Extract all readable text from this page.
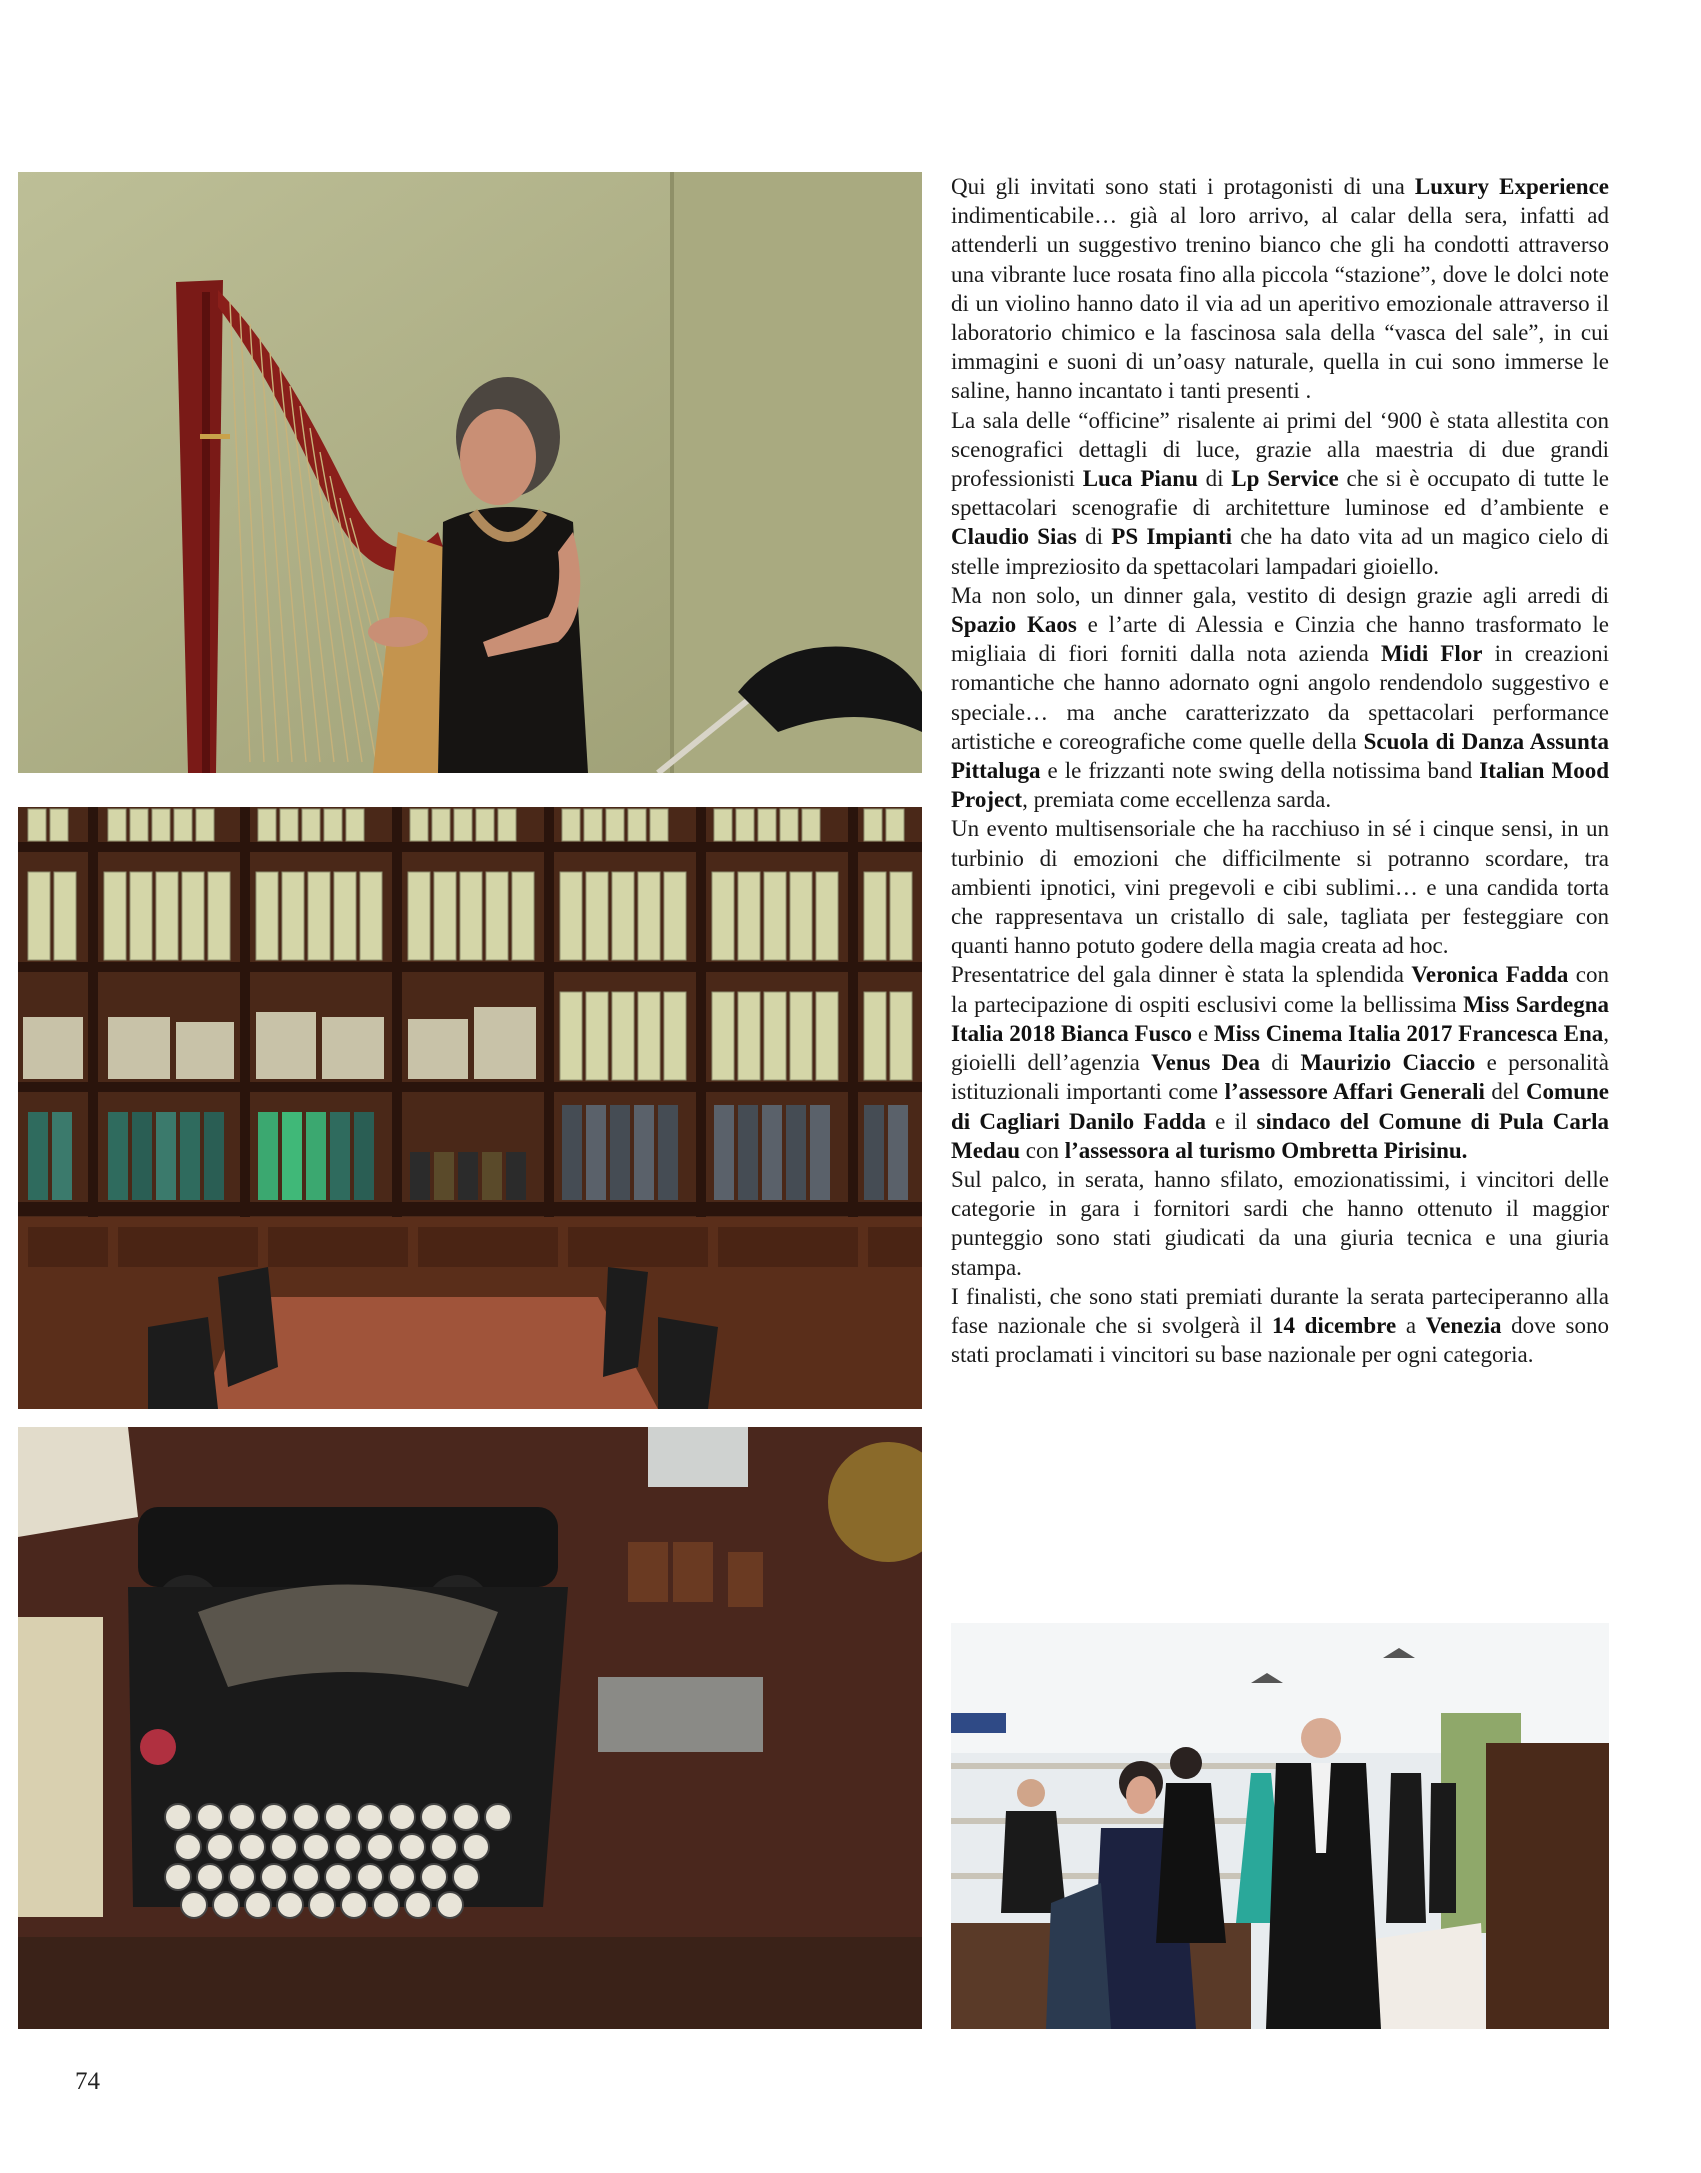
Qui gli invitati sono stati i protagonisti di una Luxury Experience indimenticabile… già al loro arrivo, al calar della sera, infatti ad attenderli un suggestivo trenino bianco che gli ha condotti attraverso una vibrante luce rosata fino alla piccola “stazione”, dove le dolci note di un violino hanno dato il via ad un aperitivo emozionale attraverso il laboratorio chimico e la fascinosa sala della “vasca del sale”, in cui immagini e suoni di un’oasy naturale, quella in cui sono immerse le saline, hanno incantato i tanti presenti .

La sala delle “officine” risalente ai primi del ‘900 è stata allestita con scenografici dettagli di luce, grazie alla maestria di due grandi professionisti Luca Pianu di Lp Service che si è occupato di tutte le spettacolari scenografie di architetture luminose ed d’ambiente e Claudio Sias di PS Impianti che ha dato vita ad un magico cielo di stelle impreziosito da spettacolari lampadari gioiello.

Ma non solo, un dinner gala, vestito di design grazie agli arredi di Spazio Kaos e l’arte di Alessia e Cinzia che hanno trasformato le migliaia di fiori forniti dalla nota azienda Midi Flor in creazioni romantiche che hanno adornato ogni angolo rendendolo suggestivo e speciale… ma anche caratterizzato da spettacolari performance artistiche e coreografiche come quelle della Scuola di Danza Assunta Pittaluga e le frizzanti note swing della notissima band Italian Mood Project, premiata come eccellenza sarda.

Un evento multisensoriale che ha racchiuso in sé i cinque sensi, in un turbinio di emozioni che difficilmente si potranno scordare, tra ambienti ipnotici, vini pregevoli e cibi sublimi… e una candida torta che rappresentava un cristallo di sale, tagliata per festeggiare con quanti hanno potuto godere della magia creata ad hoc.

Presentatrice del gala dinner è stata la splendida Veronica Fadda con la partecipazione di ospiti esclusivi come la bellissima Miss Sardegna Italia 2018 Bianca Fusco e Miss Cinema Italia 2017 Francesca Ena, gioielli dell’agenzia Venus Dea di Maurizio Ciaccio e personalità istituzionali importanti come l’assessore Affari Generali del Comune di Cagliari Danilo Fadda e il sindaco del Comune di Pula Carla Medau con l’assessora al turismo Ombretta Pirisinu.

Sul palco, in serata, hanno sfilato, emozionatissimi, i vincitori delle categorie in gara i fornitori sardi che hanno ottenuto il maggior punteggio sono stati giudicati da una giuria tecnica e una giuria stampa.

I finalisti, che sono stati premiati durante la serata parteciperanno alla fase nazionale che si svolgerà il 14 dicembre a Venezia dove sono stati proclamati i vincitori su base nazionale per ogni categoria.

74
